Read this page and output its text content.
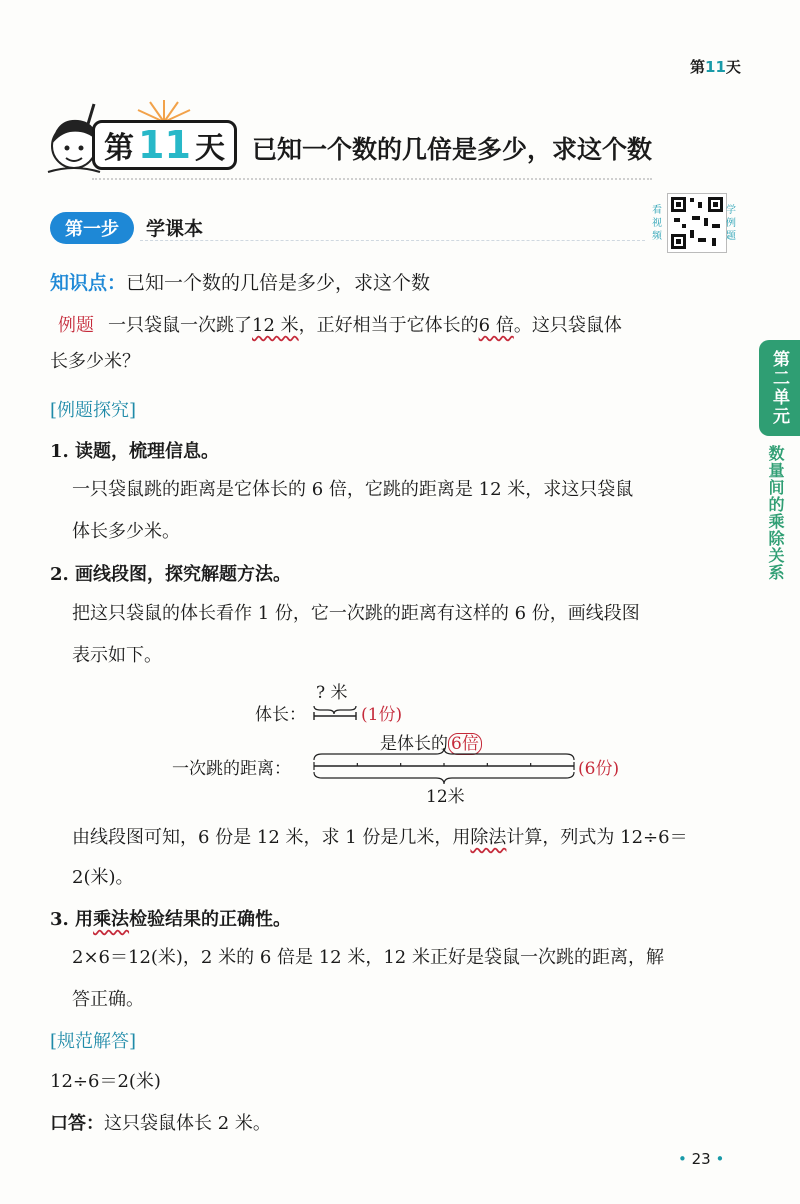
第11天
第 11 天 已知一个数的几倍是多少，求这个数
第一步	学课本
看视频
学例题
知识点：已知一个数的几倍是多少，求这个数
例题 一只袋鼠一次跳了12 米，正好相当于它体长的6 倍。这只袋鼠体
长多少米？
[例题探究]
1. 读题，梳理信息。
一只袋鼠跳的距离是它体长的 6 倍，它跳的距离是 12 米，求这只袋鼠
体长多少米。
2. 画线段图，探究解题方法。
把这只袋鼠的体长看作 1 份，它一次跳的距离有这样的 6 份，画线段图
表示如下。
? 米
体长：	(1份)
是体长的 6倍
一次跳的距离：	(6份)
12米
由线段图可知，6 份是 12 米，求 1 份是几米，用除法计算，列式为 12÷6＝
2(米)。
3. 用乘法检验结果的正确性。
2×6＝12(米)，2 米的 6 倍是 12 米，12 米正好是袋鼠一次跳的距离，解
答正确。
[规范解答]
12÷6＝2(米)
口答：这只袋鼠体长 2 米。
第二单元
数量间的乘除关系
• 23 •
